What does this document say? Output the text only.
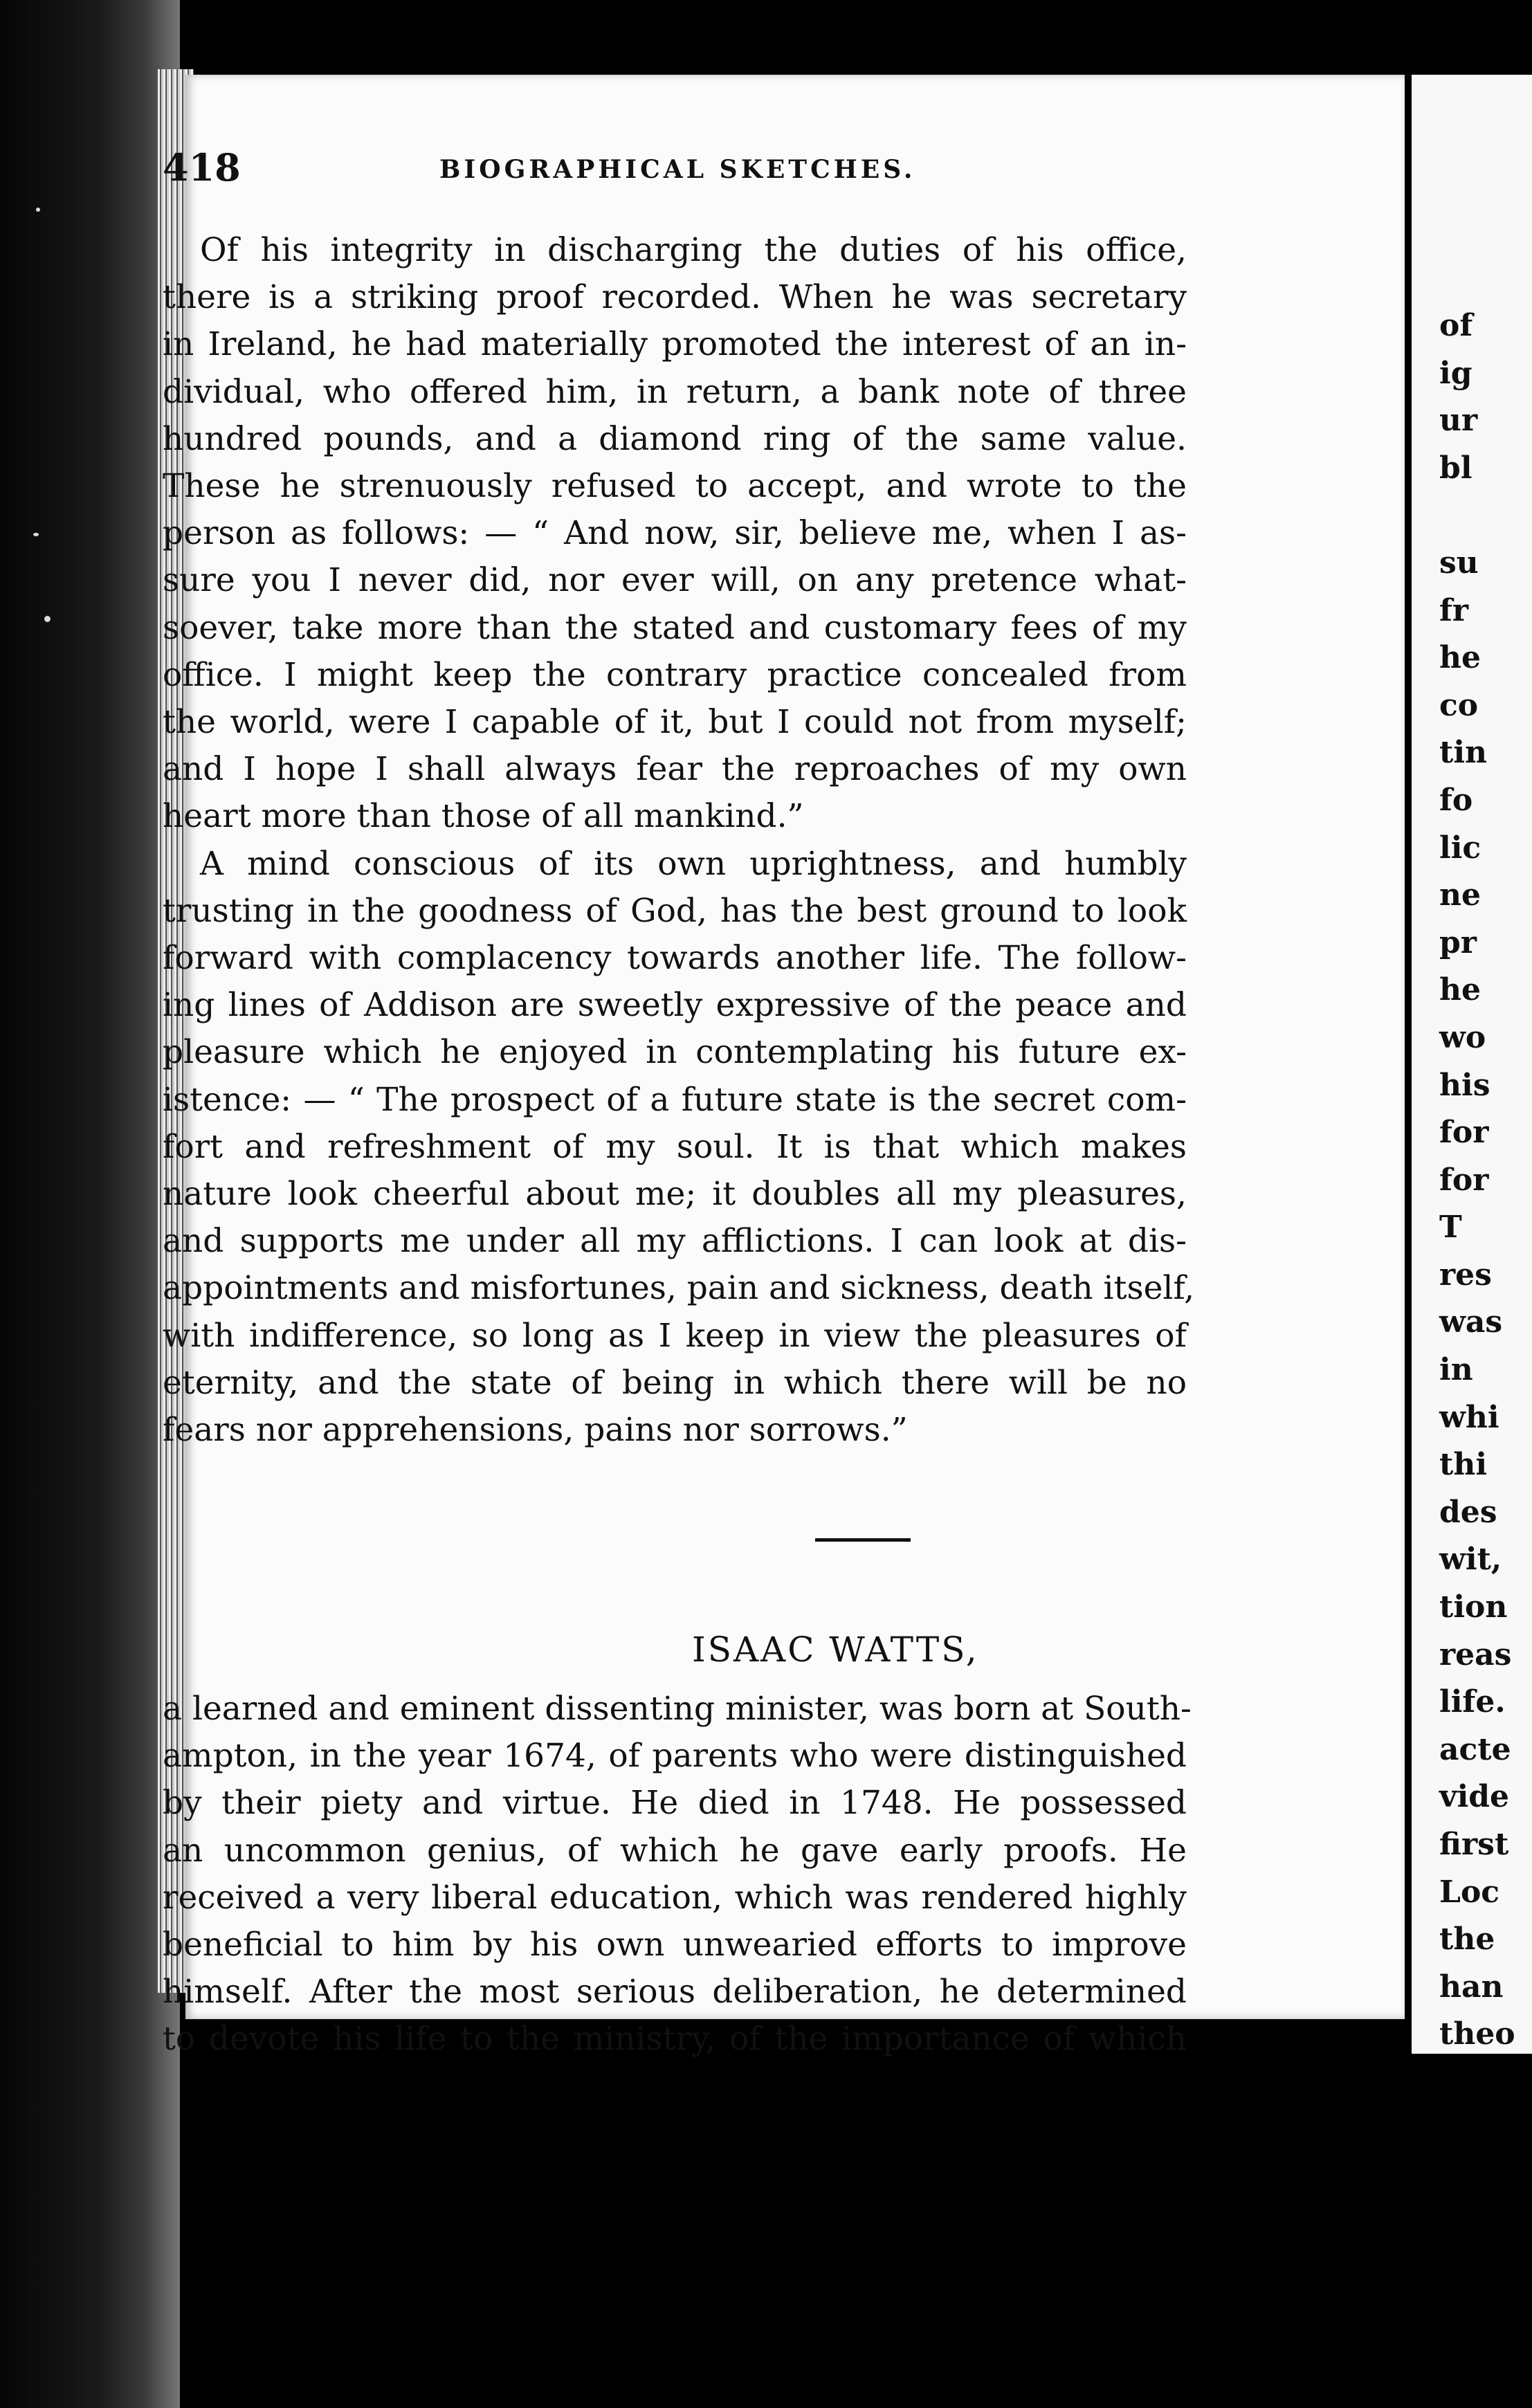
of
ig
ur
bl

su
fr
he
co
tin
fo
lic
ne
pr
he
wo
his
for
for
T
res
was
in
whi
thi
des
wit,
tion
reas
life.
acte
vide
first
Loc
the
han
theo
418	BIOGRAPHICAL SKETCHES.
Of his integrity in discharging the duties of his office,
there is a striking proof recorded. When he was secretary
in Ireland, he had materially promoted the interest of an in-
dividual, who offered him, in return, a bank note of three
hundred pounds, and a diamond ring of the same value.
These he strenuously refused to accept, and wrote to the
person as follows: — “ And now, sir, believe me, when I as-
sure you I never did, nor ever will, on any pretence what-
soever, take more than the stated and customary fees of my
office. I might keep the contrary practice concealed from
the world, were I capable of it, but I could not from myself;
and I hope I shall always fear the reproaches of my own
heart more than those of all mankind.”
A mind conscious of its own uprightness, and humbly
trusting in the goodness of God, has the best ground to look
forward with complacency towards another life. The follow-
ing lines of Addison are sweetly expressive of the peace and
pleasure which he enjoyed in contemplating his future ex-
istence: — “ The prospect of a future state is the secret com-
fort and refreshment of my soul. It is that which makes
nature look cheerful about me; it doubles all my pleasures,
and supports me under all my afflictions. I can look at dis-
appointments and misfortunes, pain and sickness, death itself,
with indifference, so long as I keep in view the pleasures of
eternity, and the state of being in which there will be no
fears nor apprehensions, pains nor sorrows.”
ISAAC WATTS,
a learned and eminent dissenting minister, was born at South-
ampton, in the year 1674, of parents who were distinguished
by their piety and virtue. He died in 1748. He possessed
an uncommon genius, of which he gave early proofs. He
received a very liberal education, which was rendered highly
beneficial to him by his own unwearied efforts to improve
himself. After the most serious deliberation, he determined
to devote his life to the ministry, of the importance of which
